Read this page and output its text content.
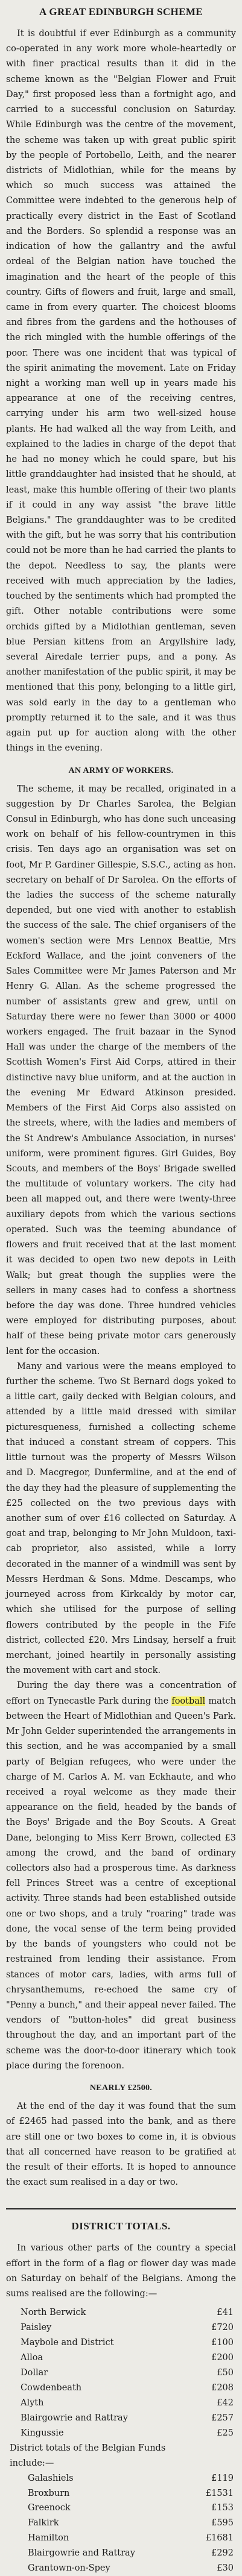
A GREAT EDINBURGH SCHEME

It is doubtful if ever Edinburgh as a community co-operated in any work more whole-heartedly or with finer practical results than it did in the scheme known as the "Belgian Flower and Fruit Day," first proposed less than a fortnight ago, and carried to a successful conclusion on Saturday. While Edinburgh was the centre of the movement, the scheme was taken up with great public spirit by the people of Portobello, Leith, and the nearer districts of Midlothian, while for the means by which so much success was attained the Committee were indebted to the generous help of practically every district in the East of Scotland and the Borders. So splendid a response was an indication of how the gallantry and the awful ordeal of the Belgian nation have touched the imagination and the heart of the people of this country. Gifts of flowers and fruit, large and small, came in from every quarter. The choicest blooms and fibres from the gardens and the hothouses of the rich mingled with the humble offerings of the poor. There was one incident that was typical of the spirit animating the movement. Late on Friday night a working man well up in years made his appearance at one of the receiving centres, carrying under his arm two well-sized house plants. He had walked all the way from Leith, and explained to the ladies in charge of the depot that he had no money which he could spare, but his little granddaughter had insisted that he should, at least, make this humble offering of their two plants if it could in any way assist "the brave little Belgians." The granddaughter was to be credited with the gift, but he was sorry that his contribution could not be more than he had carried the plants to the depot. Needless to say, the plants were received with much appreciation by the ladies, touched by the sentiments which had prompted the gift. Other notable contributions were some orchids gifted by a Midlothian gentleman, seven blue Persian kittens from an Argyllshire lady, several Airedale terrier pups, and a pony. As another manifestation of the public spirit, it may be mentioned that this pony, belonging to a little girl, was sold early in the day to a gentleman who promptly returned it to the sale, and it was thus again put up for auction along with the other things in the evening.

AN ARMY OF WORKERS.

The scheme, it may be recalled, originated in a suggestion by Dr Charles Sarolea, the Belgian Consul in Edinburgh, who has done such unceasing work on behalf of his fellow-countrymen in this crisis. Ten days ago an organisation was set on foot, Mr P. Gardiner Gillespie, S.S.C., acting as hon. secretary on behalf of Dr Sarolea. On the efforts of the ladies the success of the scheme naturally depended, but one vied with another to establish the success of the sale. The chief organisers of the women's section were Mrs Lennox Beattie, Mrs Eckford Wallace, and the joint conveners of the Sales Committee were Mr James Paterson and Mr Henry G. Allan. As the scheme progressed the number of assistants grew and grew, until on Saturday there were no fewer than 3000 or 4000 workers engaged. The fruit bazaar in the Synod Hall was under the charge of the members of the Scottish Women's First Aid Corps, attired in their distinctive navy blue uniform, and at the auction in the evening Mr Edward Atkinson presided. Members of the First Aid Corps also assisted on the streets, where, with the ladies and members of the St Andrew's Ambulance Association, in nurses' uniform, were prominent figures. Girl Guides, Boy Scouts, and members of the Boys' Brigade swelled the multitude of voluntary workers. The city had been all mapped out, and there were twenty-three auxiliary depots from which the various sections operated. Such was the teeming abundance of flowers and fruit received that at the last moment it was decided to open two new depots in Leith Walk; but great though the supplies were the sellers in many cases had to confess a shortness before the day was done. Three hundred vehicles were employed for distributing purposes, about half of these being private motor cars generously lent for the occasion.

Many and various were the means employed to further the scheme. Two St Bernard dogs yoked to a little cart, gaily decked with Belgian colours, and attended by a little maid dressed with similar picturesqueness, furnished a collecting scheme that induced a constant stream of coppers. This little turnout was the property of Messrs Wilson and D. Macgregor, Dunfermline, and at the end of the day they had the pleasure of supplementing the £25 collected on the two previous days with another sum of over £16 collected on Saturday. A goat and trap, belonging to Mr John Muldoon, taxi-cab proprietor, also assisted, while a lorry decorated in the manner of a windmill was sent by Messrs Herdman & Sons. Mdme. Descamps, who journeyed across from Kirkcaldy by motor car, which she utilised for the purpose of selling flowers contributed by the people in the Fife district, collected £20. Mrs Lindsay, herself a fruit merchant, joined heartily in personally assisting the movement with cart and stock.

During the day there was a concentration of effort on Tynecastle Park during the football match between the Heart of Midlothian and Queen's Park. Mr John Gelder superintended the arrangements in this section, and he was accompanied by a small party of Belgian refugees, who were under the charge of M. Carlos A. M. van Eckhaute, and who received a royal welcome as they made their appearance on the field, headed by the bands of the Boys' Brigade and the Boy Scouts. A Great Dane, belonging to Miss Kerr Brown, collected £3 among the crowd, and the band of ordinary collectors also had a prosperous time. As darkness fell Princes Street was a centre of exceptional activity. Three stands had been established outside one or two shops, and a truly "roaring" trade was done, the vocal sense of the term being provided by the bands of youngsters who could not be restrained from lending their assistance. From stances of motor cars, ladies, with arms full of chrysanthemums, re-echoed the same cry of "Penny a bunch," and their appeal never failed. The vendors of "button-holes" did great business throughout the day, and an important part of the scheme was the door-to-door itinerary which took place during the forenoon.

NEARLY £2500.

At the end of the day it was found that the sum of £2465 had passed into the bank, and as there are still one or two boxes to come in, it is obvious that all concerned have reason to be gratified at the result of their efforts. It is hoped to announce the exact sum realised in a day or two.

DISTRICT TOTALS.

In various other parts of the country a special effort in the form of a flag or flower day was made on Saturday on behalf of the Belgians. Among the sums realised are the following:—

North Berwick	£41
Paisley	£720
Maybole and District	£100
Alloa	£200
Dollar	£50
Cowdenbeath	£208
Alyth	£42
Blairgowrie and Rattray	£257
Kingussie	£25
District totals of the Belgian Funds include:—	
Galashiels	£119
Broxburn	£1531
Greenock	£153
Falkirk	£595
Hamilton	£1681
Blairgowrie and Rattray	£292
Grantown-on-Spey	£30
